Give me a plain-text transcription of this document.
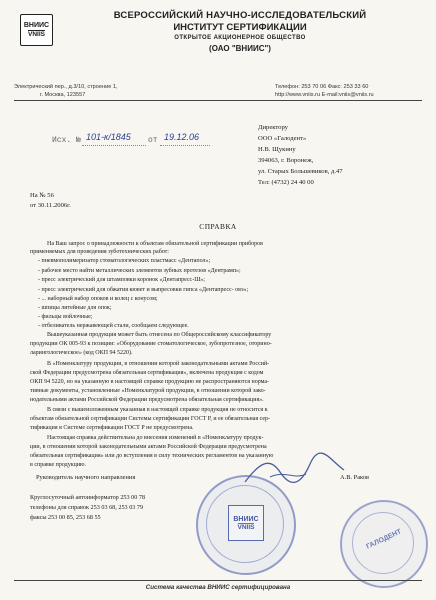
ВНИИС
VNIIS
ВСЕРОССИЙСКИЙ НАУЧНО-ИССЛЕДОВАТЕЛЬСКИЙ
ИНСТИТУТ СЕРТИФИКАЦИИ
ОТКРЫТОЕ АКЦИОНЕРНОЕ ОБЩЕСТВО
(ОАО "ВНИИС")
Электрический пер., д.3/10, строение 1,
г. Москва, 123557
Телефон: 253 70 06 Факс: 253 33 60
http://www.vniis.ru E-mail:vniis@vniis.ru
Исх. № 101-к/1845 от 19.12.06
Директору
ООО «Галодент»
Н.В. Щукину
394063, г. Воронеж,
ул. Старых Большевиков, д.47
Тел: (4732) 24 40 00
На № 56
от 30.11.2006г.
СПРАВКА
На Ваш запрос о принадлежности к объектам обязательной сертификации приборов
применяемых для проведения зуботехнических работ:
- пневмополимеризатор стоматологических пластмасс «Дентапол»;
- рабочее место найти металлических элементов зубных протезов «Дентрамп»;
- пресс электрический для штамповки коронок «Дентапресс-Ш»;
- пресс электрический для обжатия кювет и выпресовки гипса «Дентапресс- овэ»;
- ... наборный набор опоков и колец с конусом;
- шпицы литейные для опок;
- фильцы войлочные;
- отбеливатель нержавеющей стали, сообщаем следующее.
Вышеуказанная продукция может быть отнесена по Общероссийскому классификатору
продукции ОК 005-93 к позиции: «Оборудование стоматологическое, зубопротезное, оторино-
ларингологическое» (код ОКП 94 5220).
В «Номенклатуру продукции, в отношении которой законодательными актами Россий-
ской Федерации предусмотрена обязательная сертификация», включена продукция с кодом
ОКП 94 5220, но на указанную в настоящей справке продукцию не распространяются норма-
тивные документы, установленные «Номенклатурой продукции, в отношении которой зако-
нодательными актами Российской Федерации предусмотрена обязательная сертификация».
В связи с вышеизложенным указанная в настоящей справке продукция не относится к
объектам обязательной сертификации Системы сертификации ГОСТ Р, и ее обязательная сер-
тификация в Системе сертификации ГОСТ Р не предусмотрена.
Настоящая справка действительна до внесения изменений в «Номенклатуру продук-
ции, в отношении которой законодательными актами Российской Федерации предусмотрена
обязательная сертификация» или до вступления в силу технических регламентов на указанную
в справке продукцию.
Руководитель научного направления	А.В. Раков
ВНИИС
VNIIS
ГАЛОДЕНТ
Круглосуточный автоинформатор 253 00 78
телефоны для справок 253 03 68, 253 03 79
факсы 253 00 85, 253 68 55
Система качества ВНИИС сертифицирована
